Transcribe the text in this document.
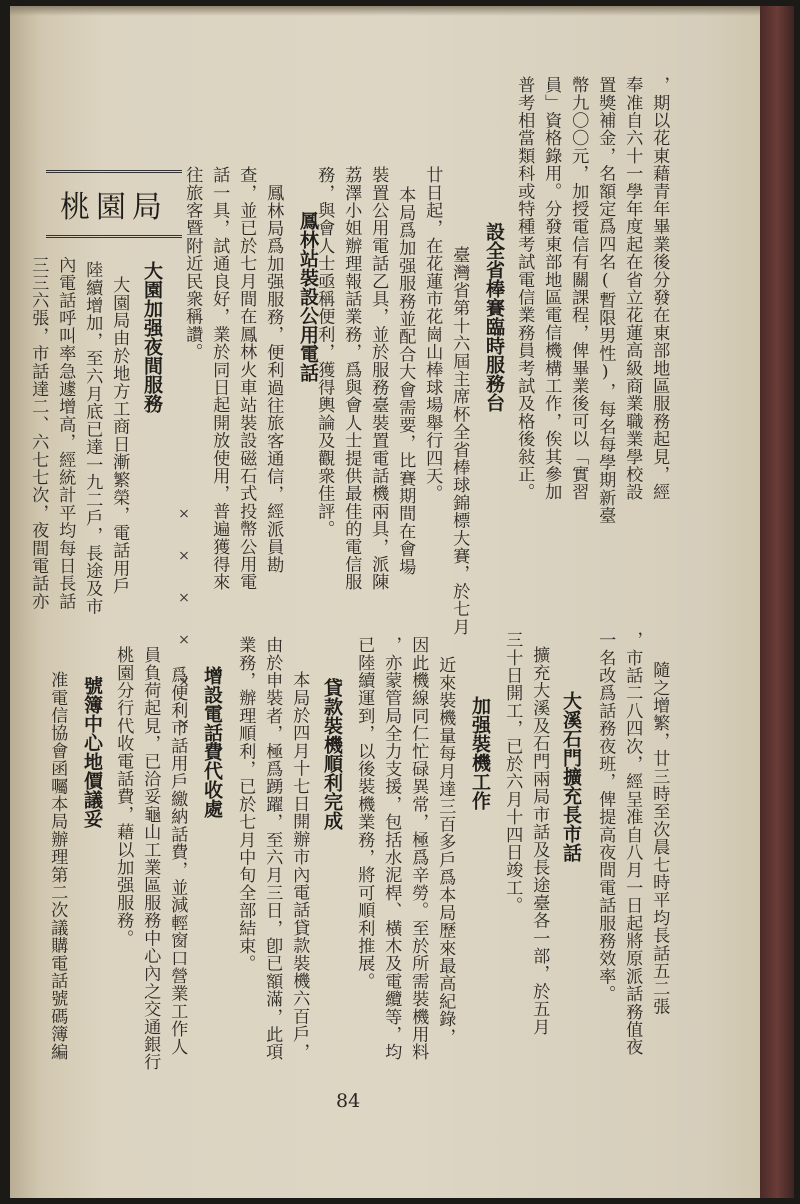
，期以花東藉青年畢業後分發在東部地區服務起見，經
奉准自六十一學年度起在省立花蓮高級商業職業學校設
置獎補金，名額定爲四名(暫限男性)，每名每學期新臺
幣九〇〇元，加授電信有關課程，俾畢業後可以「實習
員」資格錄用。分發東部地區電信機構工作，俟其參加
普考相當類科或特種考試電信業務員考試及格後敍正。
設全省棒賽臨時服務台
臺灣省第十六屆主席杯全省棒球錦標大賽，於七月
廿日起，在花蓮市花崗山棒球場舉行四天。
本局爲加强服務並配合大會需要，比賽期間在會場
裝置公用電話乙具，並於服務臺裝置電話機兩具，派陳
荔澤小姐辦理報話業務，爲與會人士提供最佳的電信服
務，與會人士亟稱便利，獲得輿論及觀衆佳評。
鳳林站裝設公用電話
鳳林局爲加强服務，便利過往旅客通信，經派員勘
查，並已於七月間在鳳林火車站裝設磁石式投幣公用電
話一具，試通良好，業於同日起開放使用，普遍獲得來
往旅客暨附近民衆稱讚。
××××××
桃園局
大園加强夜間服務
大園局由於地方工商日漸繁榮，電話用戶
陸續增加，至六月底已達一九二戶，長途及市
內電話呼叫率急遽增高，經統計平均每日長話
三三六張，市話達二、六七七次，夜間電話亦
隨之增繁，廿三時至次晨七時平均長話五二張
，市話二八四次，經呈准自八月一日起將原派話務值夜
一名改爲話務夜班，俾提高夜間電話服務效率。
大溪石門擴充長市話
擴充大溪及石門兩局市話及長途臺各一部，於五月
三十日開工，已於六月十四日竣工。
加强裝機工作
近來裝機量每月達三百多戶爲本局歷來最高紀錄，
因此機線同仁忙碌異常，極爲辛勞。至於所需裝機用料
，亦蒙管局全力支援，包括水泥桿、橫木及電纜等，均
已陸續運到，以後裝機業務，將可順利推展。
貸款裝機順利完成
本局於四月十七日開辦市內電話貸款裝機六百戶，
由於申裝者，極爲踴躍，至六月三日，卽已額滿，此項
業務，辦理順利，已於七月中旬全部結束。
增設電話費代收處
爲便利市話用戶繳納話費，並減輕窗口營業工作人
員負荷起見，已洽妥龜山工業區服務中心內之交通銀行
桃園分行代收電話費，藉以加强服務。
號簿中心地價議妥
准電信協會函囑本局辦理第二次議購電話號碼簿編
84
